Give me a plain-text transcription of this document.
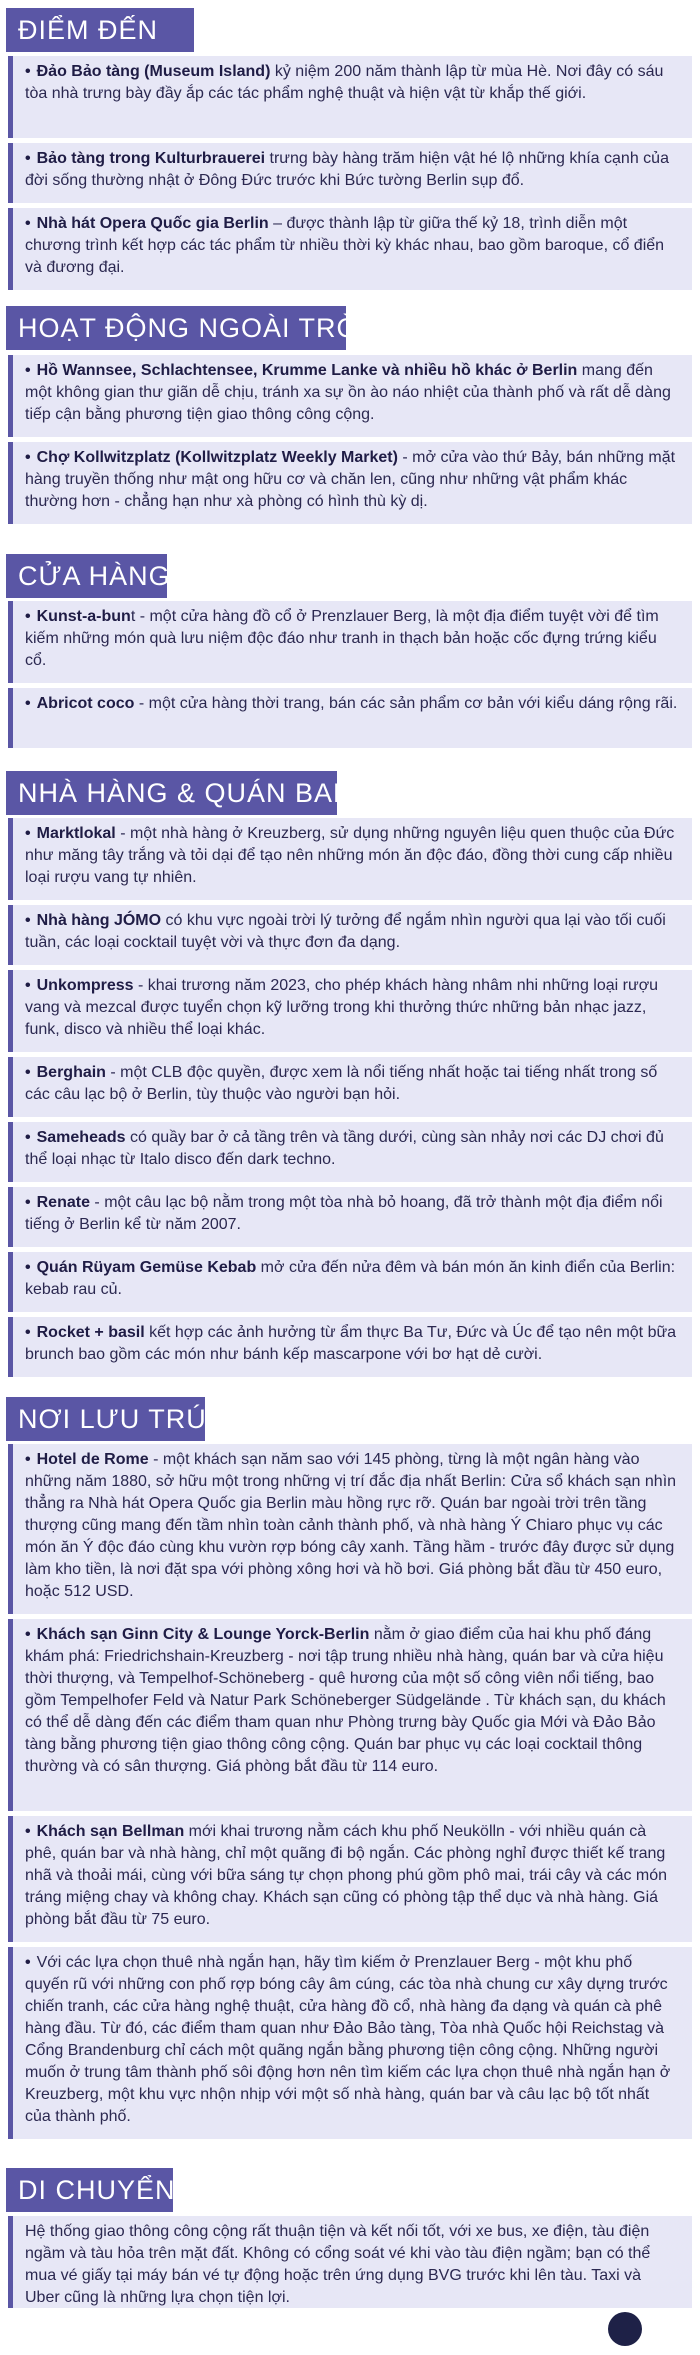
ĐIỂM ĐẾN
• Đảo Bảo tàng (Museum Island) kỷ niệm 200 năm thành lập từ mùa Hè. Nơi đây có sáu tòa nhà trưng bày đầy ắp các tác phẩm nghệ thuật và hiện vật từ khắp thế giới.
• Bảo tàng trong Kulturbrauerei trưng bày hàng trăm hiện vật hé lộ những khía cạnh của đời sống thường nhật ở Đông Đức trước khi Bức tường Berlin sụp đổ.
• Nhà hát Opera Quốc gia Berlin – được thành lập từ giữa thế kỷ 18, trình diễn một chương trình kết hợp các tác phẩm từ nhiều thời kỳ khác nhau, bao gồm baroque, cổ điển và đương đại.
HOẠT ĐỘNG NGOÀI TRỜI
• Hồ Wannsee, Schlachtensee, Krumme Lanke và nhiều hồ khác ở Berlin mang đến một không gian thư giãn dễ chịu, tránh xa sự ồn ào náo nhiệt của thành phố và rất dễ dàng tiếp cận bằng phương tiện giao thông công cộng.
• Chợ Kollwitzplatz (Kollwitzplatz Weekly Market) - mở cửa vào thứ Bảy, bán những mặt hàng truyền thống như mật ong hữu cơ và chăn len, cũng như những vật phẩm khác thường hơn - chẳng hạn như xà phòng có hình thù kỳ dị.
CỬA HÀNG
• Kunst-a-bunt - một cửa hàng đồ cổ ở Prenzlauer Berg, là một địa điểm tuyệt vời để tìm kiếm những món quà lưu niệm độc đáo như tranh in thạch bản hoặc cốc đựng trứng kiểu cổ.
• Abricot coco - một cửa hàng thời trang, bán các sản phẩm cơ bản với kiểu dáng rộng rãi.
NHÀ HÀNG & QUÁN BAR
• Marktlokal - một nhà hàng ở Kreuzberg, sử dụng những nguyên liệu quen thuộc của Đức như măng tây trắng và tỏi dại để tạo nên những món ăn độc đáo, đồng thời cung cấp nhiều loại rượu vang tự nhiên.
• Nhà hàng JÓMO có khu vực ngoài trời lý tưởng để ngắm nhìn người qua lại vào tối cuối tuần, các loại cocktail tuyệt vời và thực đơn đa dạng.
• Unkompress - khai trương năm 2023, cho phép khách hàng nhâm nhi những loại rượu vang và mezcal được tuyển chọn kỹ lưỡng trong khi thưởng thức những bản nhạc jazz, funk, disco và nhiều thể loại khác.
• Berghain - một CLB độc quyền, được xem là nổi tiếng nhất hoặc tai tiếng nhất trong số các câu lạc bộ ở Berlin, tùy thuộc vào người bạn hỏi.
• Sameheads có quầy bar ở cả tầng trên và tầng dưới, cùng sàn nhảy nơi các DJ chơi đủ thể loại nhạc từ Italo disco đến dark techno.
• Renate - một câu lạc bộ nằm trong một tòa nhà bỏ hoang, đã trở thành một địa điểm nổi tiếng ở Berlin kể từ năm 2007.
• Quán Rüyam Gemüse Kebab mở cửa đến nửa đêm và bán món ăn kinh điển của Berlin: kebab rau củ.
• Rocket + basil kết hợp các ảnh hưởng từ ẩm thực Ba Tư, Đức và Úc để tạo nên một bữa brunch bao gồm các món như bánh kếp mascarpone với bơ hạt dẻ cười.
NƠI LƯU TRÚ
• Hotel de Rome - một khách sạn năm sao với 145 phòng, từng là một ngân hàng vào những năm 1880, sở hữu một trong những vị trí đắc địa nhất Berlin: Cửa sổ khách sạn nhìn thẳng ra Nhà hát Opera Quốc gia Berlin màu hồng rực rỡ. Quán bar ngoài trời trên tầng thượng cũng mang đến tầm nhìn toàn cảnh thành phố, và nhà hàng Ý Chiaro phục vụ các món ăn Ý độc đáo cùng khu vườn rợp bóng cây xanh. Tầng hầm - trước đây được sử dụng làm kho tiền, là nơi đặt spa với phòng xông hơi và hồ bơi. Giá phòng bắt đầu từ 450 euro, hoặc 512 USD.
• Khách sạn Ginn City & Lounge Yorck-Berlin nằm ở giao điểm của hai khu phố đáng khám phá: Friedrichshain-Kreuzberg - nơi tập trung nhiều nhà hàng, quán bar và cửa hiệu thời thượng, và Tempelhof-Schöneberg - quê hương của một số công viên nổi tiếng, bao gồm Tempelhofer Feld và Natur Park Schöneberger Südgelände . Từ khách sạn, du khách có thể dễ dàng đến các điểm tham quan như Phòng trưng bày Quốc gia Mới và Đảo Bảo tàng bằng phương tiện giao thông công cộng. Quán bar phục vụ các loại cocktail thông thường và có sân thượng. Giá phòng bắt đầu từ 114 euro.
• Khách sạn Bellman mới khai trương nằm cách khu phố Neukölln - với nhiều quán cà phê, quán bar và nhà hàng, chỉ một quãng đi bộ ngắn. Các phòng nghỉ được thiết kế trang nhã và thoải mái, cùng với bữa sáng tự chọn phong phú gồm phô mai, trái cây và các món tráng miệng chay và không chay. Khách sạn cũng có phòng tập thể dục và nhà hàng. Giá phòng bắt đầu từ 75 euro.
• Với các lựa chọn thuê nhà ngắn hạn, hãy tìm kiếm ở Prenzlauer Berg - một khu phố quyến rũ với những con phố rợp bóng cây âm cúng, các tòa nhà chung cư xây dựng trước chiến tranh, các cửa hàng nghệ thuật, cửa hàng đồ cổ, nhà hàng đa dạng và quán cà phê hàng đầu. Từ đó, các điểm tham quan như Đảo Bảo tàng, Tòa nhà Quốc hội Reichstag và Cổng Brandenburg chỉ cách một quãng ngắn bằng phương tiện công cộng. Những người muốn ở trung tâm thành phố sôi động hơn nên tìm kiếm các lựa chọn thuê nhà ngắn hạn ở Kreuzberg, một khu vực nhộn nhịp với một số nhà hàng, quán bar và câu lạc bộ tốt nhất của thành phố.
DI CHUYỂN
Hệ thống giao thông công cộng rất thuận tiện và kết nối tốt, với xe bus, xe điện, tàu điện ngầm và tàu hỏa trên mặt đất. Không có cổng soát vé khi vào tàu điện ngầm; bạn có thể mua vé giấy tại máy bán vé tự động hoặc trên ứng dụng BVG trước khi lên tàu. Taxi và Uber cũng là những lựa chọn tiện lợi.
